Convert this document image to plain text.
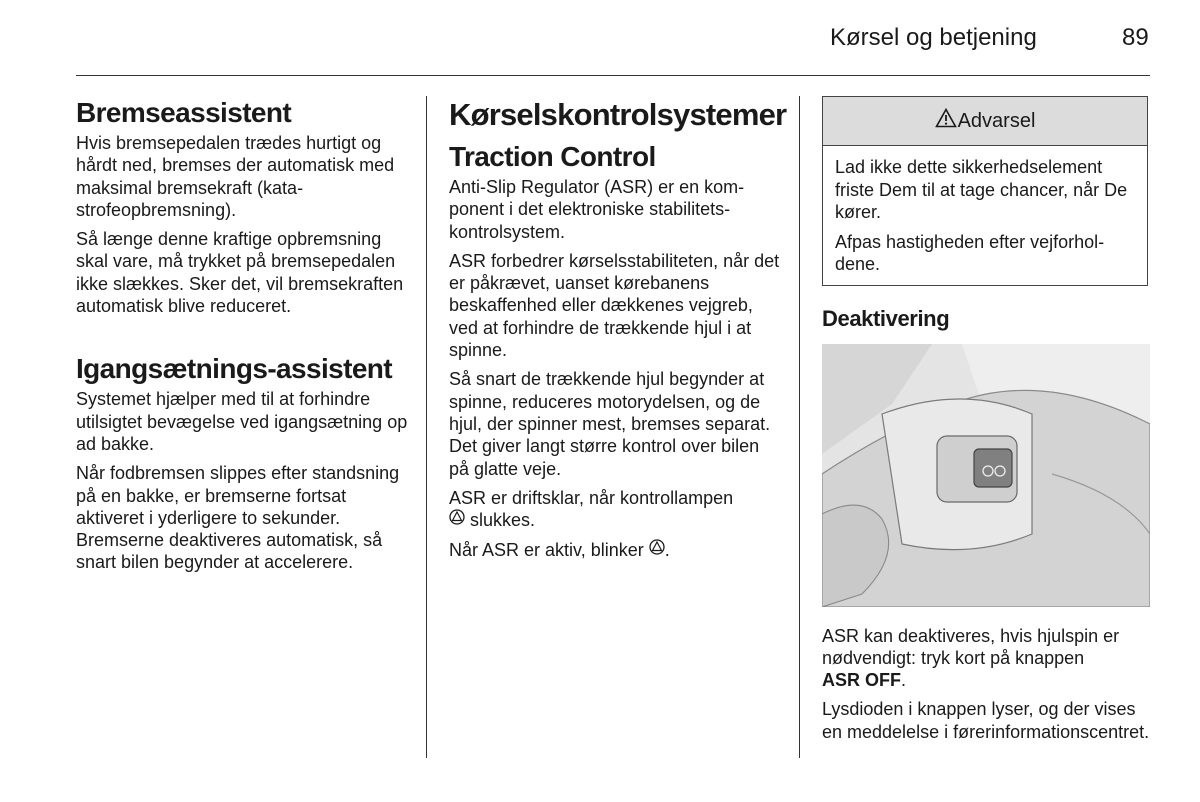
Kørsel og betjening	89
Bremseassistent

Hvis bremsepedalen trædes hurtigt og hårdt ned, bremses der automatisk med maksimal bremsekraft (katastrofeopbremsning).

Så længe denne kraftige opbremsning skal vare, må trykket på bremsepedalen ikke slækkes. Sker det, vil bremsekraften automatisk blive reduceret.

Igangsætnings-assistent

Systemet hjælper med til at forhindre utilsigtet bevægelse ved igangsætning op ad bakke.

Når fodbremsen slippes efter standsning på en bakke, er bremserne fortsat aktiveret i yderligere to sekunder. Bremserne deaktiveres automatisk, så snart bilen begynder at accelerere.

Kørselskontrolsystemer
Traction Control

Anti-Slip Regulator (ASR) er en komponent i det elektroniske stabilitetskontrolsystem.

ASR forbedrer kørselsstabiliteten, når det er påkrævet, uanset kørebanens beskaffenhed eller dækkenes vejgreb, ved at forhindre de trækkende hjul i at spinne.

Så snart de trækkende hjul begynder at spinne, reduceres motorydelsen, og de hjul, der spinner mest, bremses separat. Det giver langt større kontrol over bilen på glatte veje.

ASR er driftsklar, når kontrollampen
slukkes.

Når ASR er aktiv, blinker .

Advarsel

Lad ikke dette sikkerhedselement friste Dem til at tage chancer, når De kører.

Afpas hastigheden efter vejforholdene.

Deaktivering

ASR kan deaktiveres, hvis hjulspin er nødvendigt: tryk kort på knappen
ASR OFF.

Lysdioden i knappen lyser, og der vises en meddelelse i førerinformationscentret.
